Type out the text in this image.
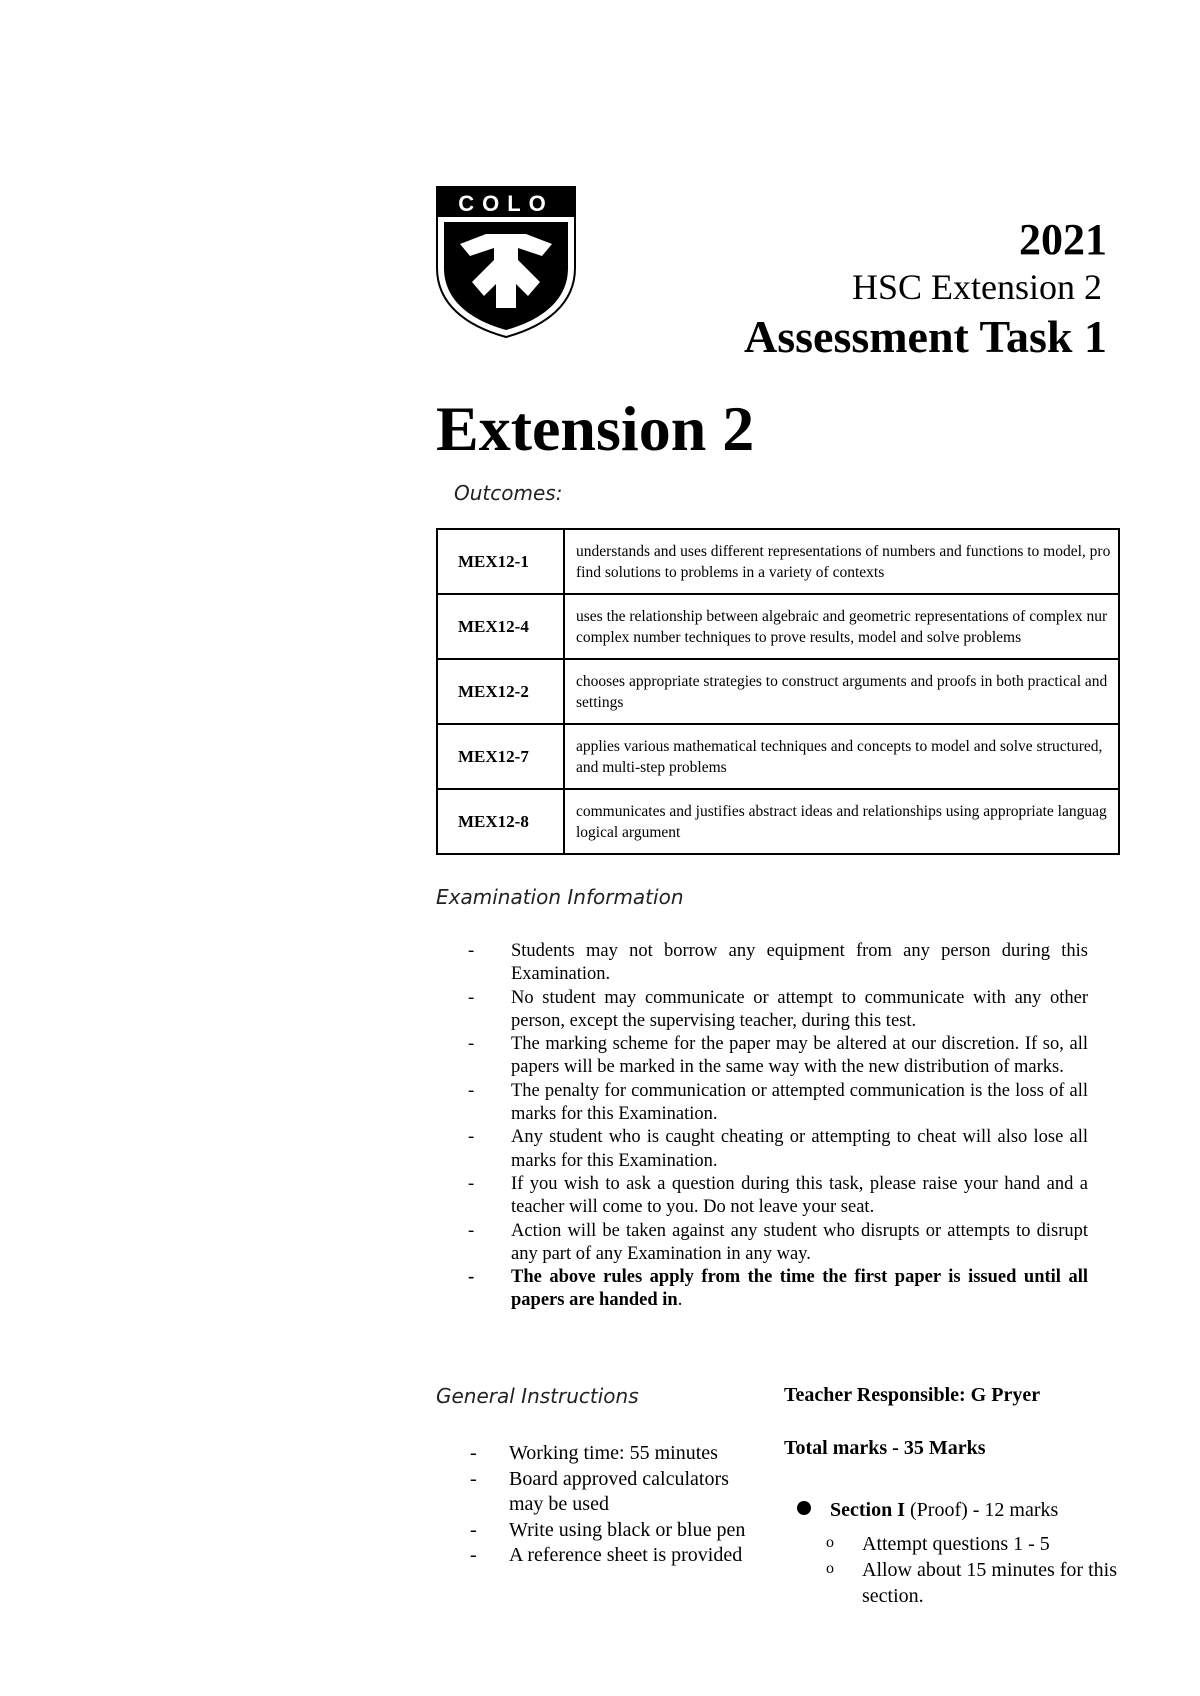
COLO
2021
HSC Extension 2
Assessment Task 1
Extension 2
Outcomes:
MEX12-1	understands and uses different representations of numbers and functions to model, pro
find solutions to problems in a variety of contexts

MEX12-4	uses the relationship between algebraic and geometric representations of complex nur
complex number techniques to prove results, model and solve problems

MEX12-2	chooses appropriate strategies to construct arguments and proofs in both practical and
settings

MEX12-7	applies various mathematical techniques and concepts to model and solve structured,
and multi-step problems

MEX12-8	communicates and justifies abstract ideas and relationships using appropriate languag
logical argument
Examination Information
- Students may not borrow any equipment from any person during this Examination.
- No student may communicate or attempt to communicate with any other person, except the supervising teacher, during this test.
- The marking scheme for the paper may be altered at our discretion. If so, all papers will be marked in the same way with the new distribution of marks.
- The penalty for communication or attempted communication is the loss of all marks for this Examination.
- Any student who is caught cheating or attempting to cheat will also lose all marks for this Examination.
- If you wish to ask a question during this task, please raise your hand and a teacher will come to you. Do not leave your seat.
- Action will be taken against any student who disrupts or attempts to disrupt any part of any Examination in any way.
- The above rules apply from the time the first paper is issued until all papers are handed in.
General Instructions
- Working time: 55 minutes
- Board approved calculators may be used
- Write using black or blue pen
- A reference sheet is provided
Teacher Responsible: G Pryer
Total marks - 35 Marks
Section I (Proof) - 12 marks
o Attempt questions 1 - 5
o Allow about 15 minutes for this section.
